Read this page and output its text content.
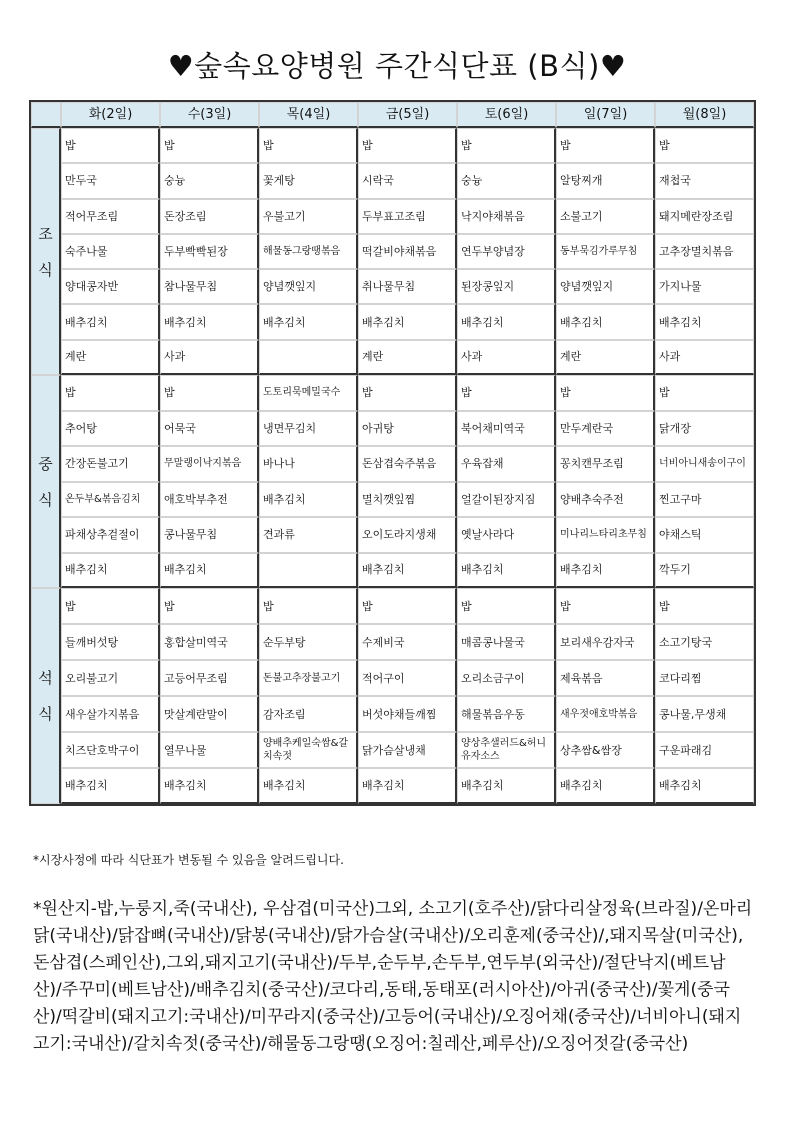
♥숲속요양병원 주간식단표 (B식)♥
	화(2일)	수(3일)	목(4일)	금(5일)	토(6일)	일(7일)	월(8일)

조
식	밥	밥	밥	밥	밥	밥	밥
	만두국	숭늉	꽃게탕	시락국	숭늉	알탕찌개	재첩국
	적어무조림	돈장조림	우불고기	두부표고조림	낙지야채볶음	소불고기	돼지메란장조림
	숙주나물	두부빡빡된장	해물동그랑땡볶음	떡갈비야채볶음	연두부양념장	동부묵김가루무침	고추장멸치볶음
	양대콩자반	참나물무침	양념깻잎지	취나물무침	된장콩잎지	양념깻잎지	가지나물
	배추김치	배추김치	배추김치	배추김치	배추김치	배추김치	배추김치
	계란	사과		계란	사과	계란	사과

중
식	밥	밥	도토리묵메밀국수	밥	밥	밥	밥
	추어탕	어묵국	냉면무김치	아귀탕	북어채미역국	만두계란국	닭개장
	간장돈불고기	무말랭이낙지볶음	바나나	돈삼겹숙주볶음	우육잡채	꽁치캔무조림	너비아니새송이구이
	온두부&볶음김치	애호박부추전	배추김치	멸치깻잎찜	얼갈이된장지짐	양배추숙주전	찐고구마
	파채상추겉절이	콩나물무침	견과류	오이도라지생채	옛날사라다	미나리느타리초무침	야채스틱
	배추김치	배추김치		배추김치	배추김치	배추김치	깍두기

석
식	밥	밥	밥	밥	밥	밥	밥
	들깨버섯탕	홍합살미역국	순두부탕	수제비국	매콤콩나물국	보리새우감자국	소고기탕국
	오리불고기	고등어무조림	돈불고추장불고기	적어구이	오리소금구이	제육볶음	코다리찜
	새우살가지볶음	맛살계란말이	감자조림	버섯야채들깨찜	해물볶음우동	새우젓애호박볶음	콩나물,무생채
	치즈단호박구이	열무나물	양배추케일숙쌈&갈치속젓	닭가슴살냉채	양상추샐러드&허니유자소스	상추쌈&쌈장	구운파래김
	배추김치	배추김치	배추김치	배추김치	배추김치	배추김치	배추김치
*시장사정에 따라 식단표가 변동될 수 있음을 알려드립니다.
*원산지-밥,누룽지,죽(국내산), 우삼겹(미국산)그외, 소고기(호주산)/닭다리살정육(브라질)/온마리닭(국내산)/닭잡뼈(국내산)/닭봉(국내산)/닭가슴살(국내산)/오리훈제(중국산)/,돼지목살(미국산),돈삼겹(스페인산),그외,돼지고기(국내산)/두부,순두부,손두부,연두부(외국산)/절단낙지(베트남산)/주꾸미(베트남산)/배추김치(중국산)/코다리,동태,동태포(러시아산)/아귀(중국산)/꽃게(중국산)/떡갈비(돼지고기:국내산)/미꾸라지(중국산)/고등어(국내산)/오징어채(중국산)/너비아니(돼지고기:국내산)/갈치속젓(중국산)/해물동그랑땡(오징어:칠레산,페루산)/오징어젓갈(중국산)
